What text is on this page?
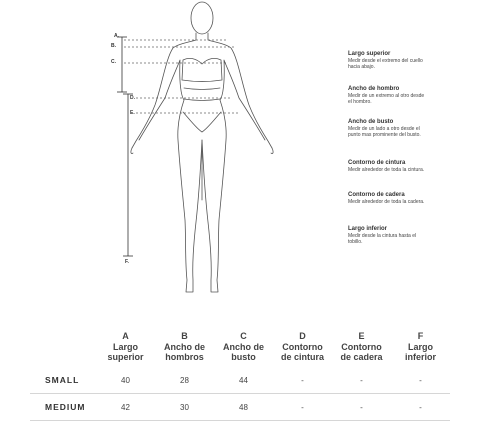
A.
B.
C.
D.
E.
F.
Largo superior
Medir desde el extremo del cuello hacia abajo.
Ancho de hombro
Medir de un extremo al otro desde el hombro.
Ancho de busto
Medir de un lado a otro desde el punto mas prominente del busto.
Contorno de cintura
Medir alrededor de toda la cintura.
Contorno de cadera
Medir alrededor de toda la cadera.
Largo inferior
Medir desde la cintura hasta el tobillo.

	A
Largo
superior	B
Ancho de
hombros	C
Ancho de
busto	D
Contorno
de cintura	E
Contorno
de cadera	F
Largo
inferior

SMALL	40	28	44	-	-	-
MEDIUM	42	30	48	-	-	-
